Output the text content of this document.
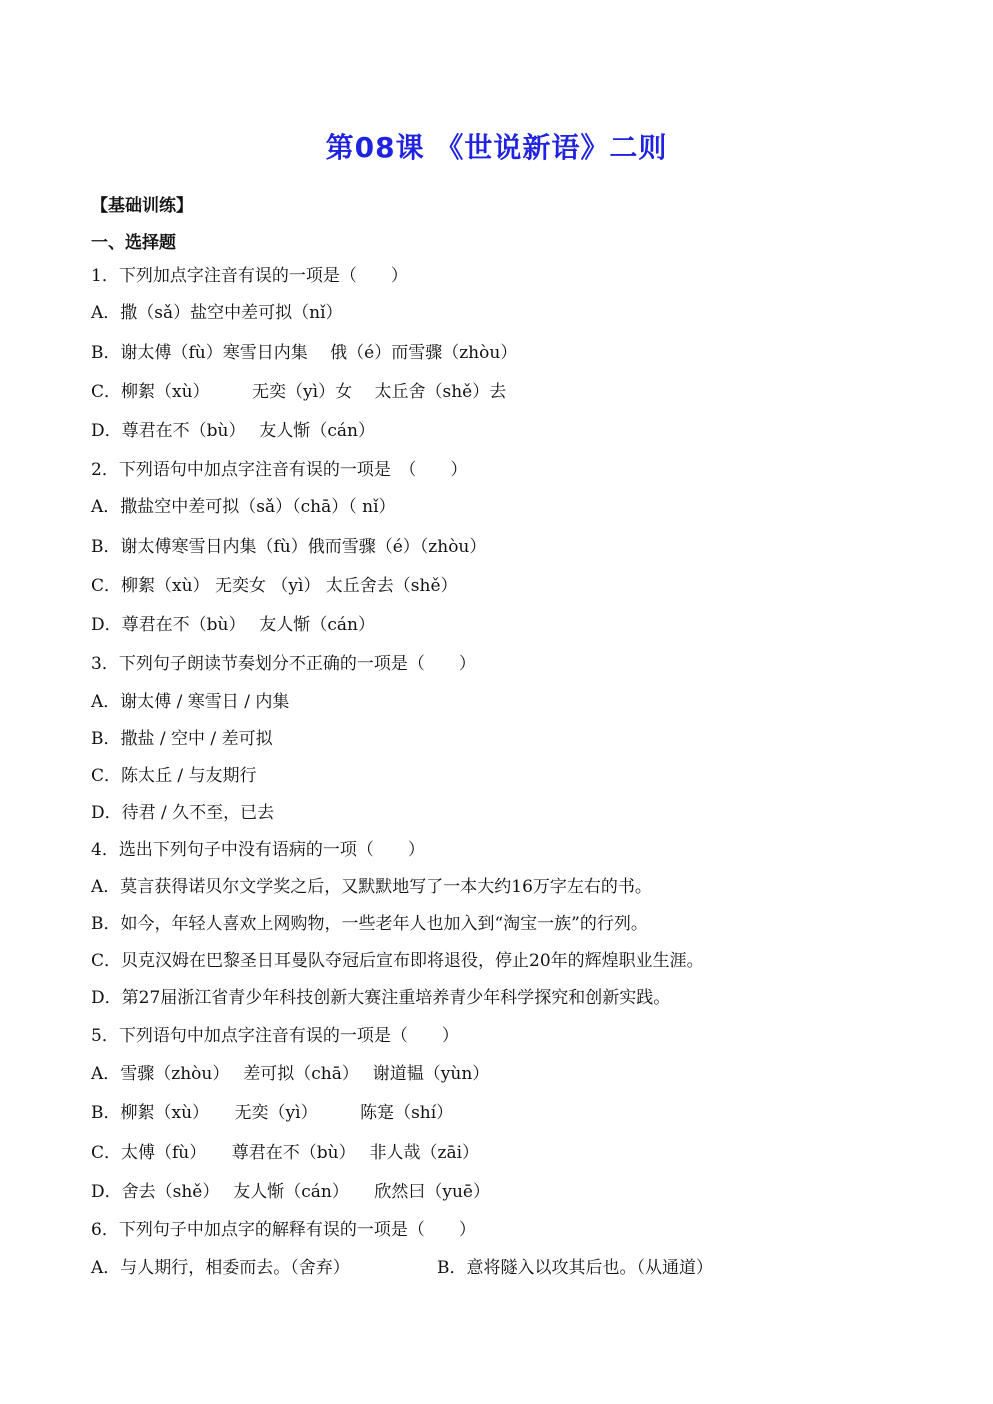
第08课 《世说新语》二则
【基础训练】
一、选择题
1．下列加点字注音有误的一项是（　　）
A．撒（sǎ）盐空中差可拟（nǐ）
B．谢太傅（fù）寒雪日内集　 俄（é）而雪骤（zhòu）
C．柳絮（xù）　　　无奕（yì）女　 太丘舍（shě）去
D．尊君在不（bù）　 友人惭（cán）
2．下列语句中加点字注音有误的一项是　（　　）
A．撒盐空中差可拟（sǎ）（chā）（ nǐ）
B．谢太傅寒雪日内集（fù）俄而雪骤（é）（zhòu）
C．柳絮（xù） 无奕女 （yì） 太丘舍去（shě）
D．尊君在不（bù）　 友人惭（cán）
3．下列句子朗读节奏划分不正确的一项是（　　）
A．谢太傅 / 寒雪日 / 内集
B．撒盐 / 空中 / 差可拟
C．陈太丘 / 与友期行
D．待君 / 久不至，已去
4．选出下列句子中没有语病的一项（　　）
A．莫言获得诺贝尔文学奖之后，又默默地写了一本大约16万字左右的书。
B．如今，年轻人喜欢上网购物，一些老年人也加入到“淘宝一族”的行列。
C．贝克汉姆在巴黎圣日耳曼队夺冠后宣布即将退役，停止20年的辉煌职业生涯。
D．第27届浙江省青少年科技创新大赛注重培养青少年科学探究和创新实践。
5．下列语句中加点字注音有误的一项是（　　）
A．雪骤（zhòu）　 差可拟（chā）　 谢道韫（yùn）
B．柳絮（xù）　　无奕（yì）　　　陈寔（shí）
C．太傅（fù）　　尊君在不（bù）　 非人哉（zāi）
D．舍去（shě）　 友人惭（cán）　　欣然曰（yuē）
6．下列句子中加点字的解释有误的一项是（　　）
A．与人期行，相委而去。（舍弃）	B．意将隧入以攻其后也。（从通道）
